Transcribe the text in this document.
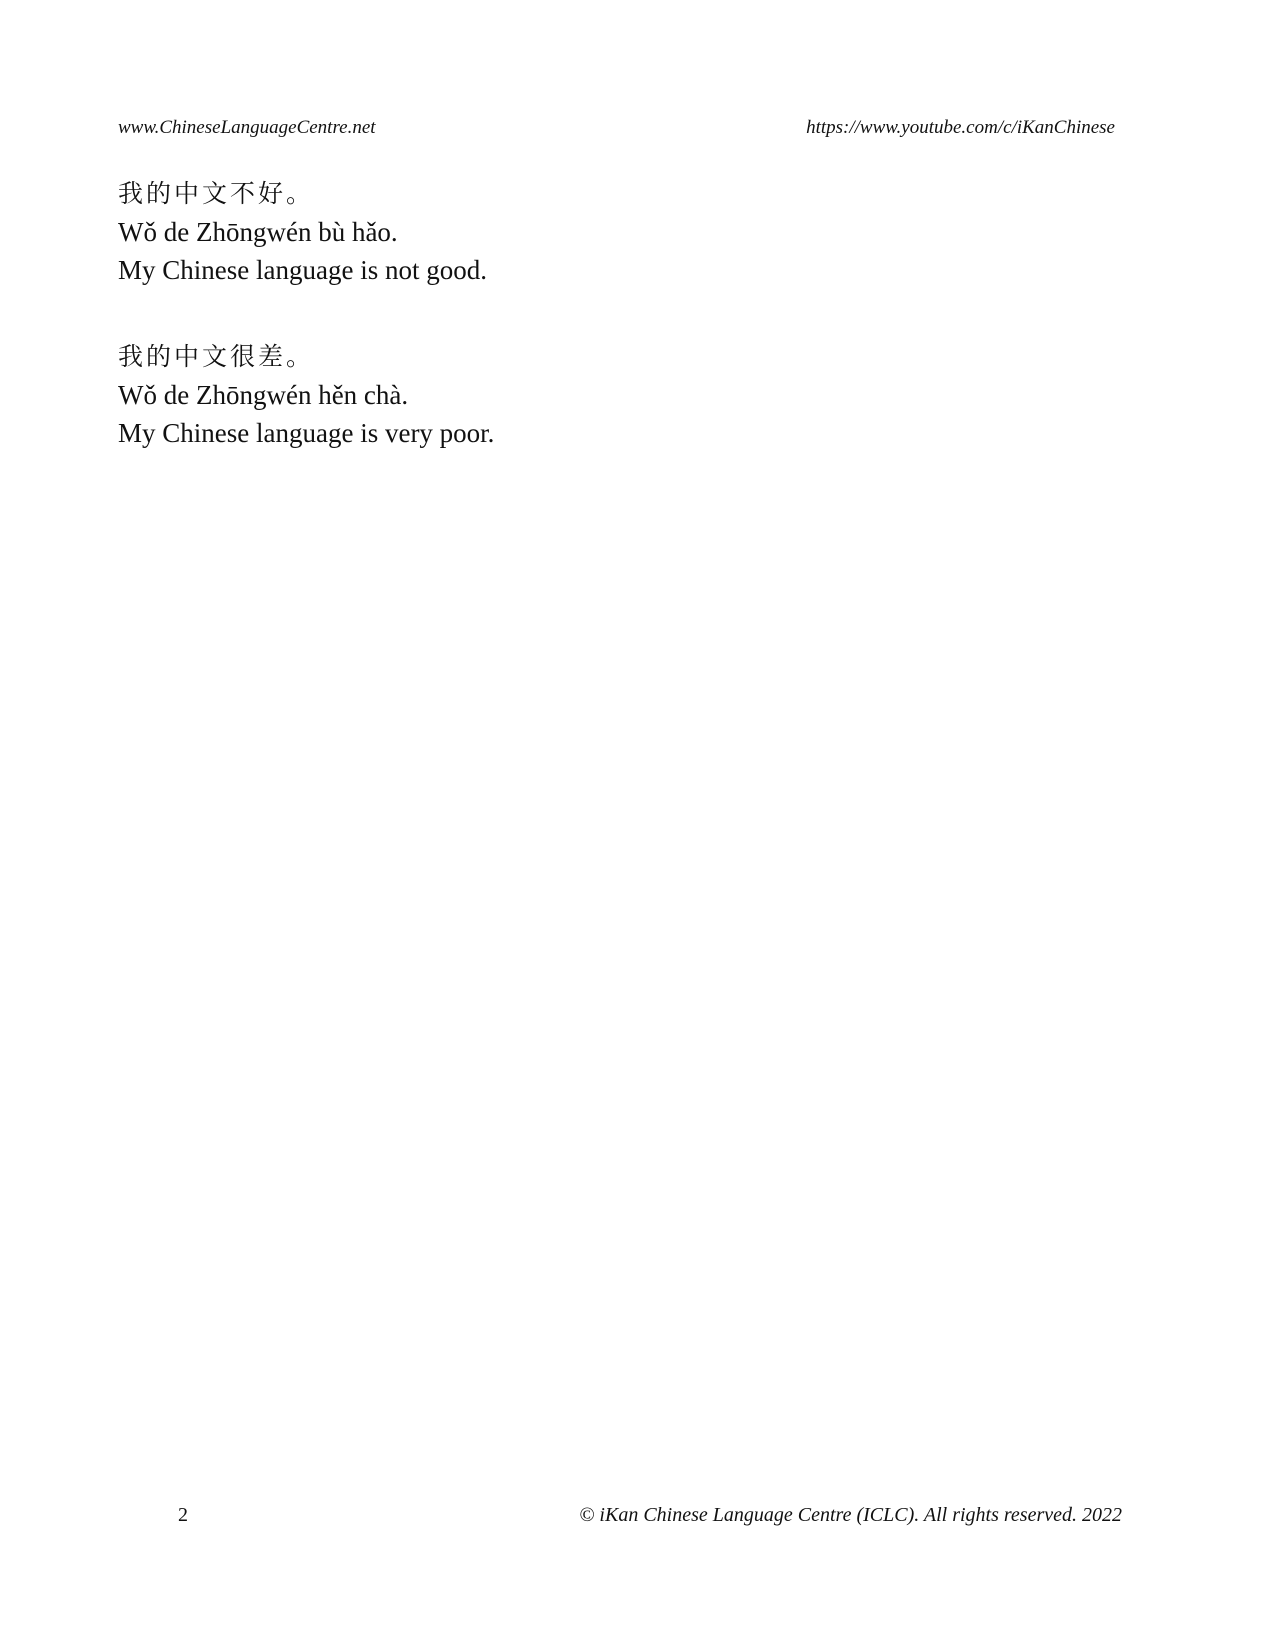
www.ChineseLanguageCentre.net	https://www.youtube.com/c/iKanChinese
我的中文不好。
Wǒ de Zhōngwén bù hǎo.
My Chinese language is not good.
我的中文很差。
Wǒ de Zhōngwén hěn chà.
My Chinese language is very poor.
2	© iKan Chinese Language Centre (ICLC). All rights reserved. 2022
